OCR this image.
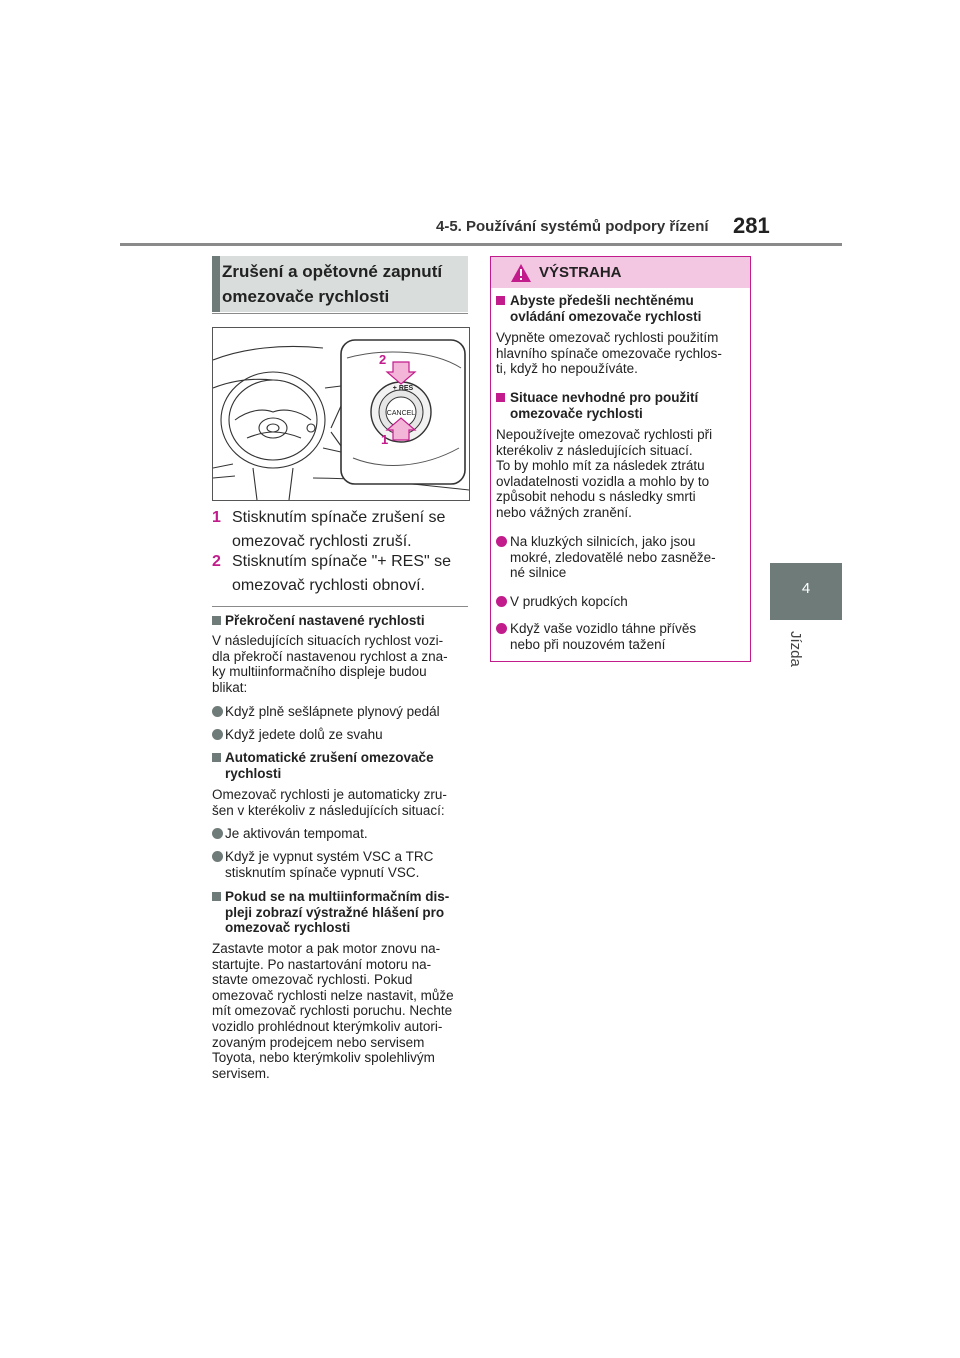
4-5. Používání systémů podpory řízení 281
4
Jízda
Zrušení a opětovné zapnutí
omezovače rychlosti
CANCEL
+ RES
2
1
1 Stisknutím spínače zrušení se
omezovač rychlosti zruší.
2 Stisknutím spínače "+ RES" se
omezovač rychlosti obnoví.
Překročení nastavené rychlosti
V následujících situacích rychlost vozi-
dla překročí nastavenou rychlost a zna-
ky multiinformačního displeje budou
blikat:
Když plně sešlápnete plynový pedál
Když jedete dolů ze svahu
Automatické zrušení omezovače
rychlosti
Omezovač rychlosti je automaticky zru-
šen v kterékoliv z následujících situací:
Je aktivován tempomat.
Když je vypnut systém VSC a TRC
stisknutím spínače vypnutí VSC.
Pokud se na multiinformačním dis-
pleji zobrazí výstražné hlášení pro
omezovač rychlosti
Zastavte motor a pak motor znovu na-
startujte. Po nastartování motoru na-
stavte omezovač rychlosti. Pokud
omezovač rychlosti nelze nastavit, může
mít omezovač rychlosti poruchu. Nechte
vozidlo prohlédnout kterýmkoliv autori-
zovaným prodejcem nebo servisem
Toyota, nebo kterýmkoliv spolehlivým
servisem.
VÝSTRAHA
Abyste předešli nechtěnému
ovládání omezovače rychlosti
Vypněte omezovač rychlosti použitím
hlavního spínače omezovače rychlos-
ti, když ho nepoužíváte.
Situace nevhodné pro použití
omezovače rychlosti
Nepoužívejte omezovač rychlosti při
kterékoliv z následujících situací.
To by mohlo mít za následek ztrátu
ovladatelnosti vozidla a mohlo by to
způsobit nehodu s následky smrti
nebo vážných zranění.
Na kluzkých silnicích, jako jsou
mokré, zledovatělé nebo zasněže-
né silnice
V prudkých kopcích
Když vaše vozidlo táhne přívěs
nebo při nouzovém tažení
